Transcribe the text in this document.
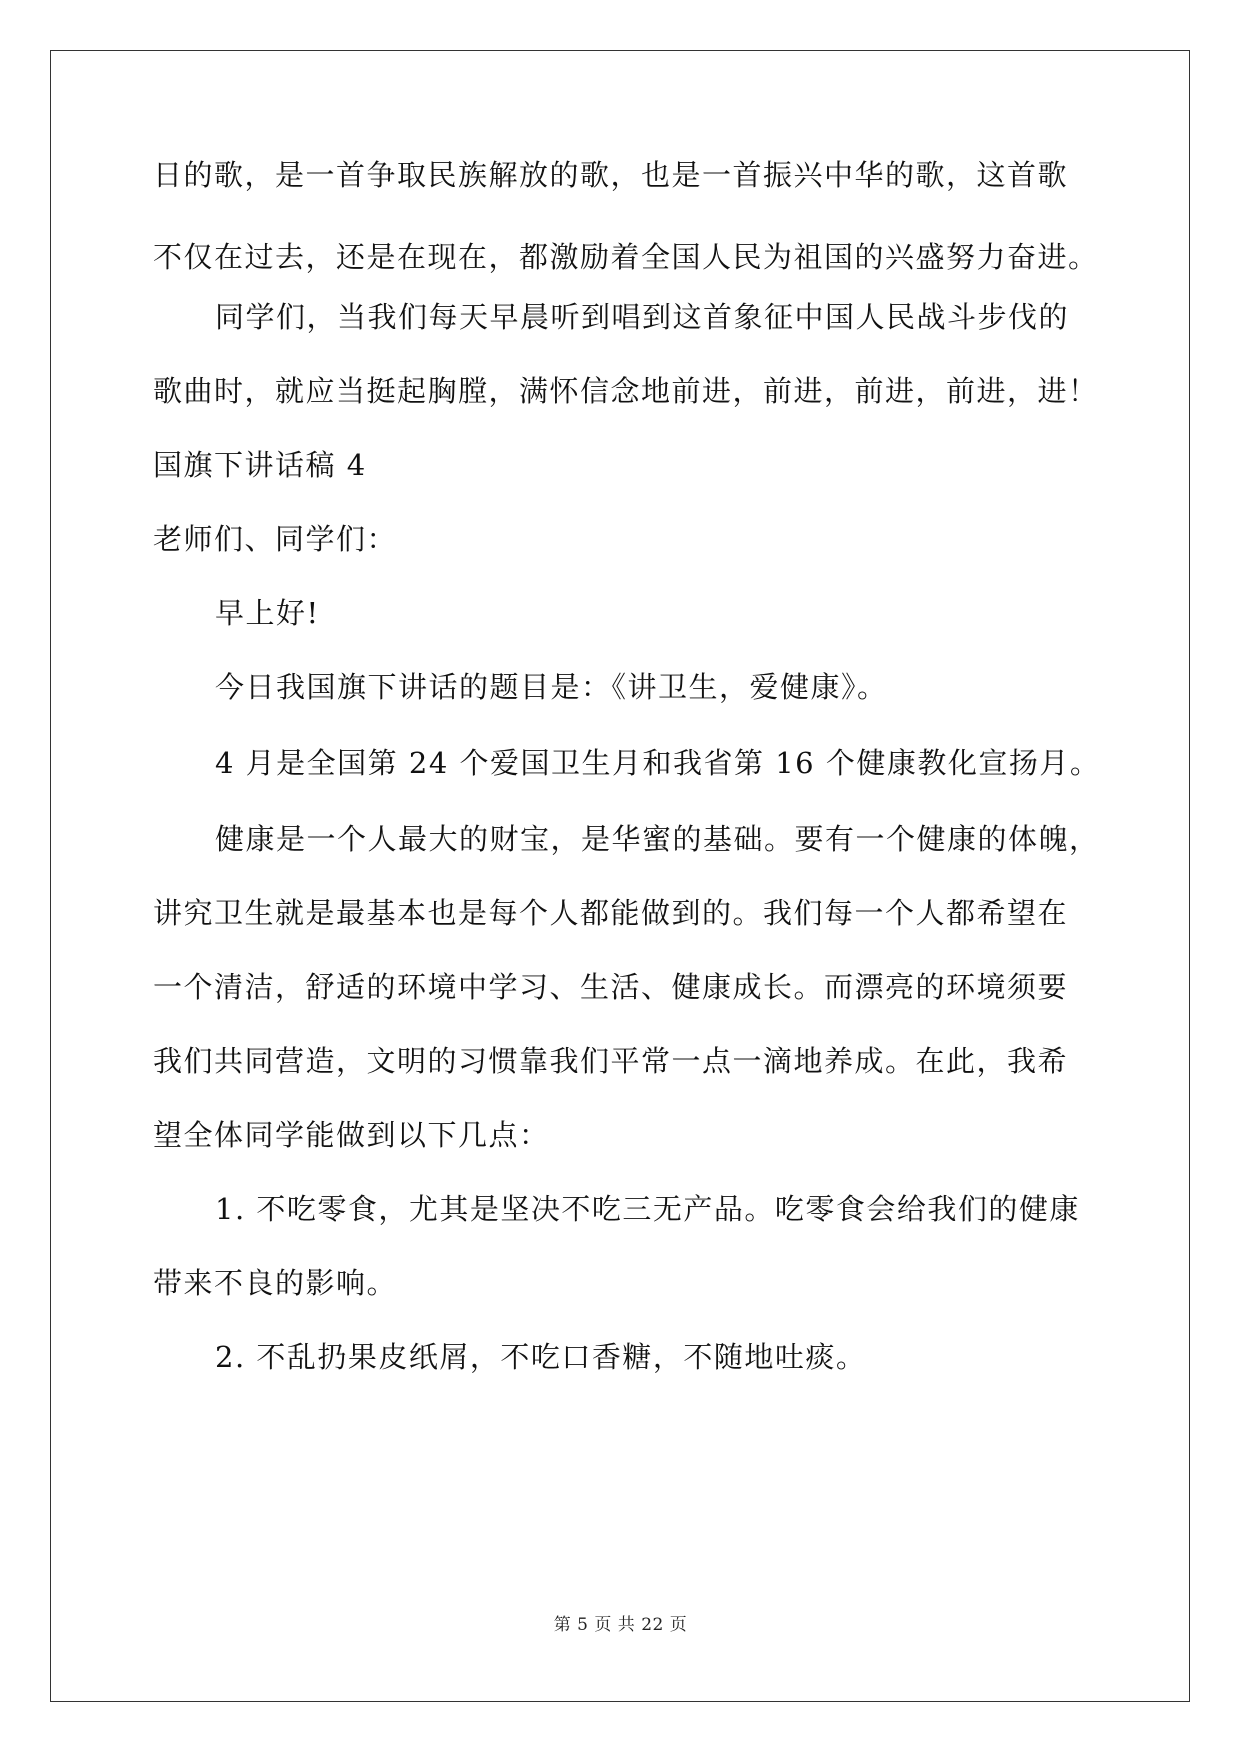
日的歌，是一首争取民族解放的歌，也是一首振兴中华的歌，这首歌
不仅在过去，还是在现在，都激励着全国人民为祖国的兴盛努力奋进。
同学们，当我们每天早晨听到唱到这首象征中国人民战斗步伐的
歌曲时，就应当挺起胸膛，满怀信念地前进，前进，前进，前进，进！
国旗下讲话稿 4
老师们、同学们：
早上好!
今日我国旗下讲话的题目是：《讲卫生，爱健康》。
4 月是全国第 24 个爱国卫生月和我省第 16 个健康教化宣扬月。
健康是一个人最大的财宝，是华蜜的基础。要有一个健康的体魄，
讲究卫生就是最基本也是每个人都能做到的。我们每一个人都希望在
一个清洁，舒适的环境中学习、生活、健康成长。而漂亮的环境须要
我们共同营造，文明的习惯靠我们平常一点一滴地养成。在此，我希
望全体同学能做到以下几点：
1. 不吃零食，尤其是坚决不吃三无产品。吃零食会给我们的健康
带来不良的影响。
2. 不乱扔果皮纸屑，不吃口香糖，不随地吐痰。
第 5 页 共 22 页
